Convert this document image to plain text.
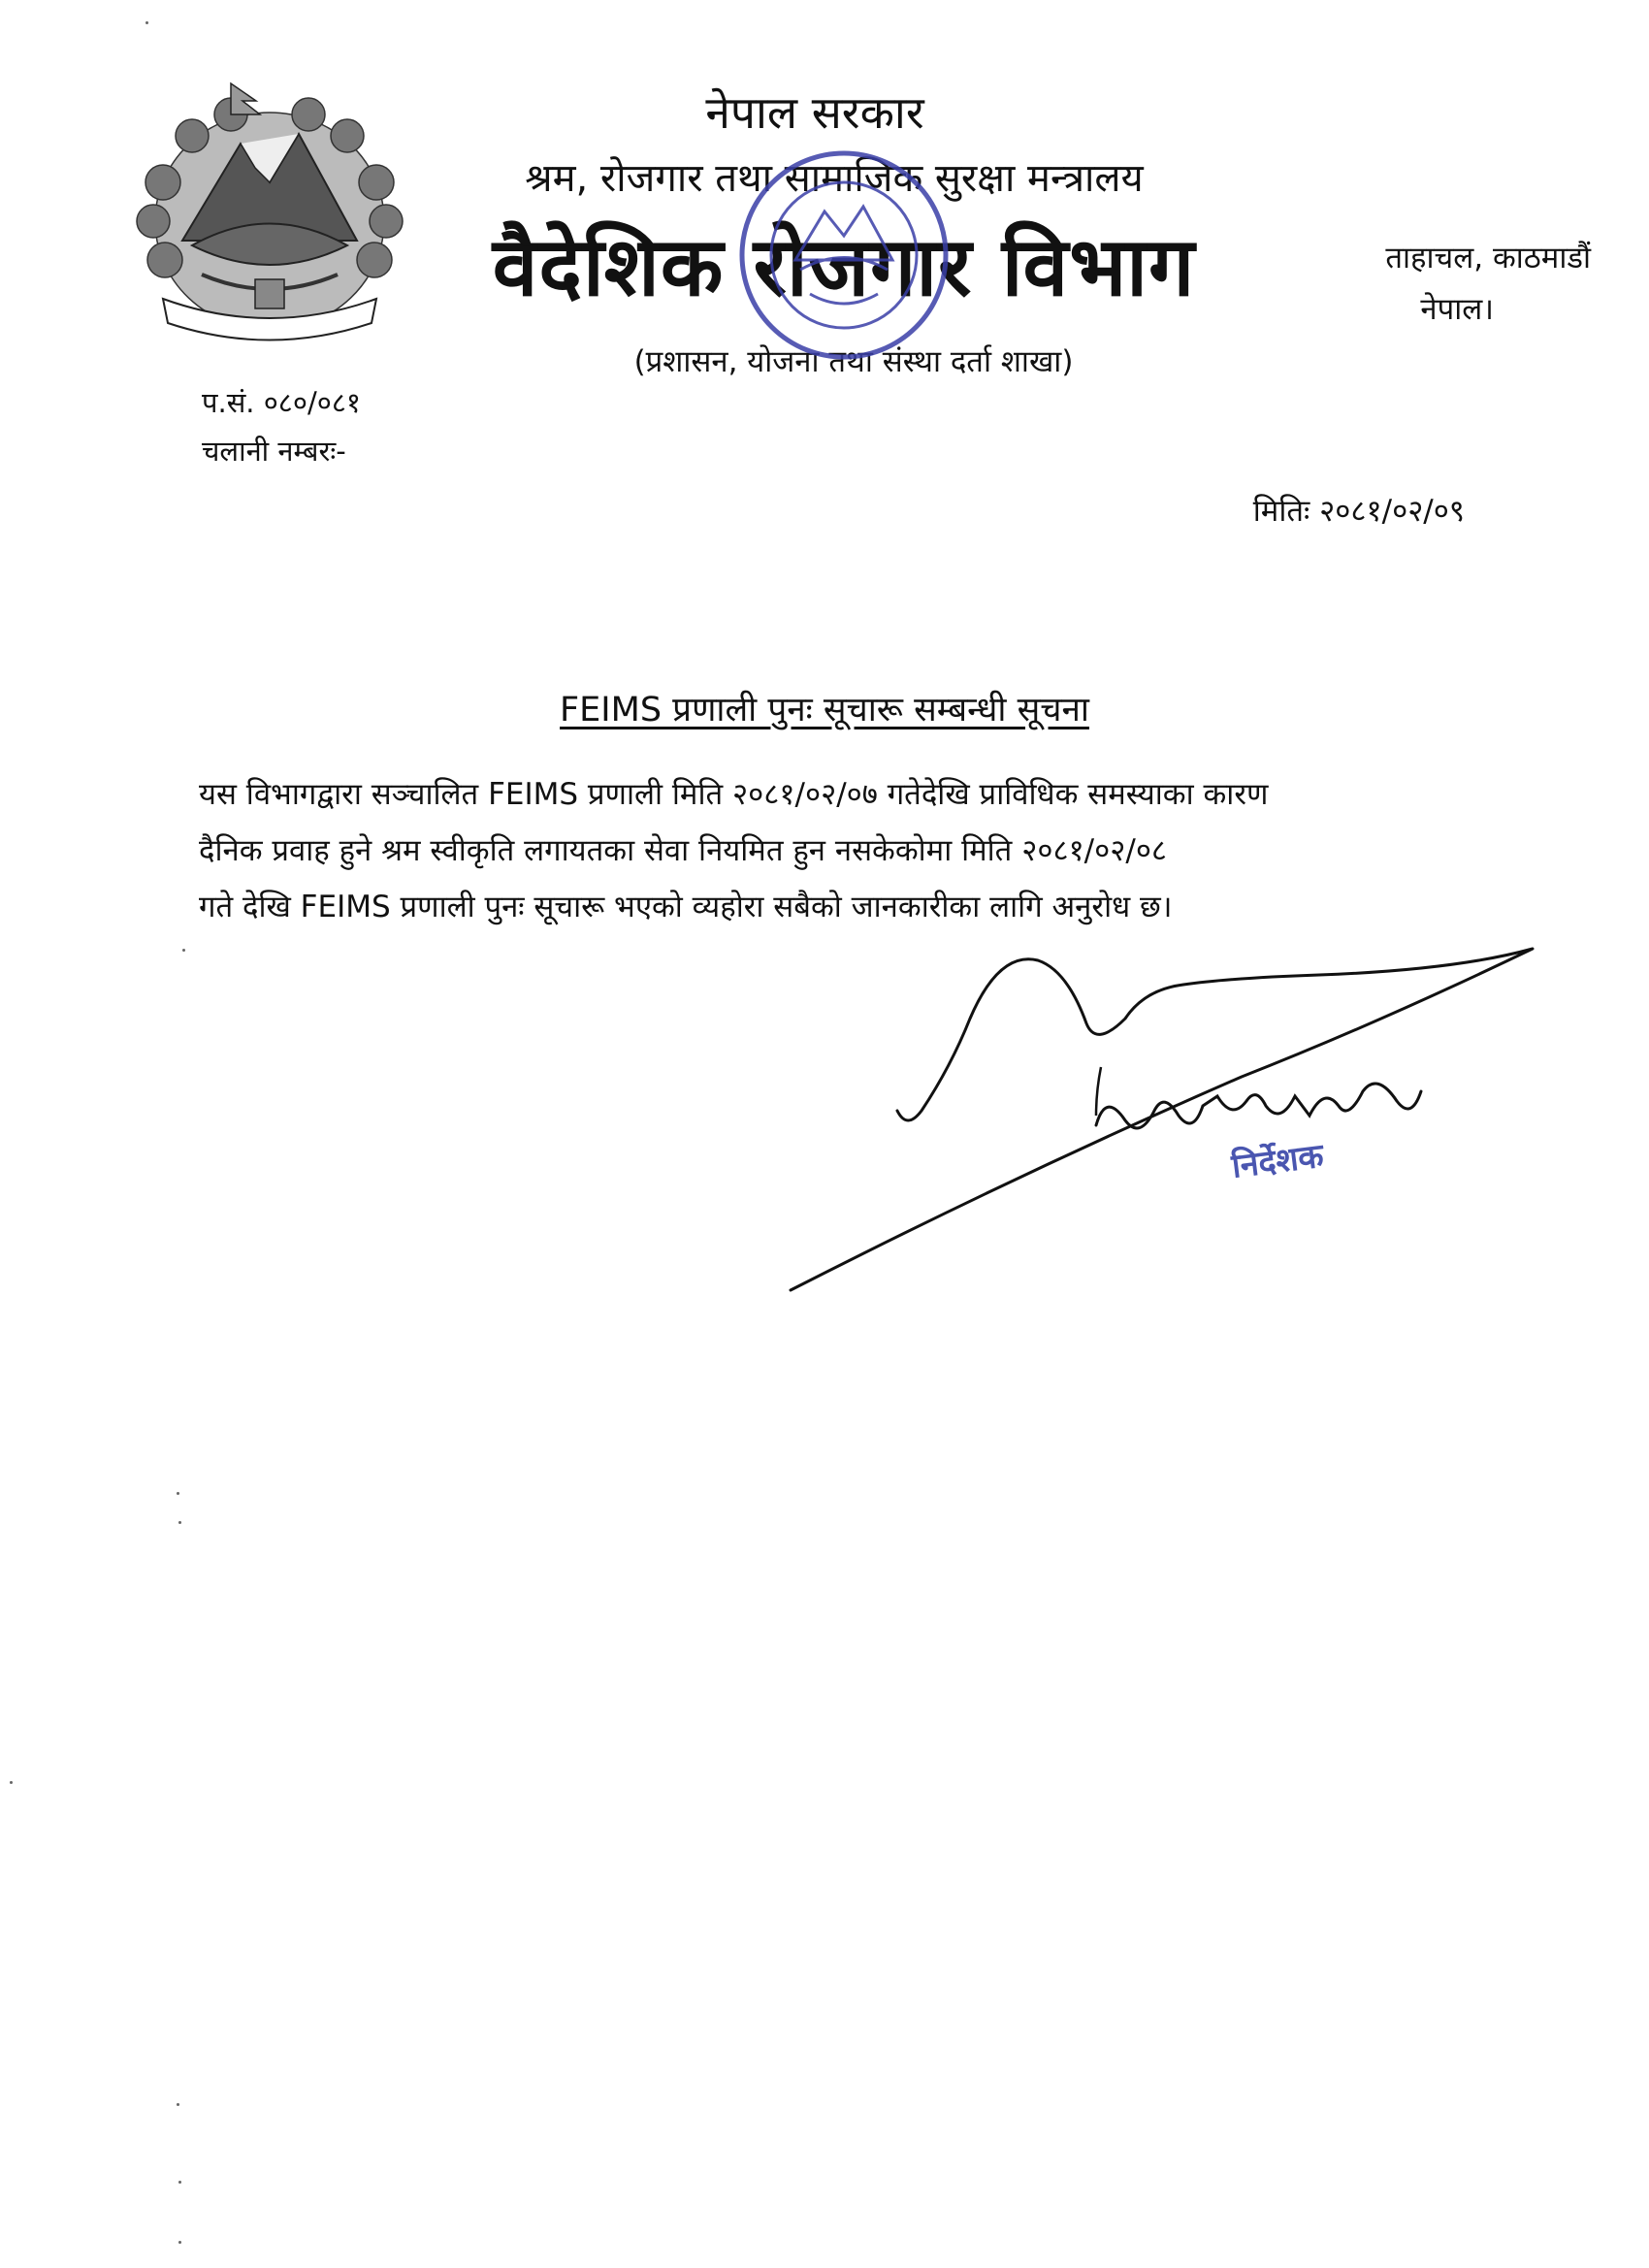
नेपाल सरकार
श्रम, रोजगार तथा सामाजिक सुरक्षा मन्त्रालय
वैदेशिक रोजगार विभाग
(प्रशासन, योजना तथा संस्था दर्ता शाखा)
ताहाचल, काठमाडौं
नेपाल।
प.सं. ०८०/०८१
चलानी नम्बरः-
मितिः २०८१/०२/०९
FEIMS प्रणाली पुनः सूचारू सम्बन्धी सूचना
यस विभागद्वारा सञ्चालित FEIMS प्रणाली मिति २०८१/०२/०७ गतेदेखि प्राविधिक समस्याका कारण
दैनिक प्रवाह हुने श्रम स्वीकृति लगायतका सेवा नियमित हुन नसकेकोमा मिति २०८१/०२/०८
गते देखि FEIMS प्रणाली पुनः सूचारू भएको व्यहोरा सबैको जानकारीका लागि अनुरोध छ।
निर्देशक
